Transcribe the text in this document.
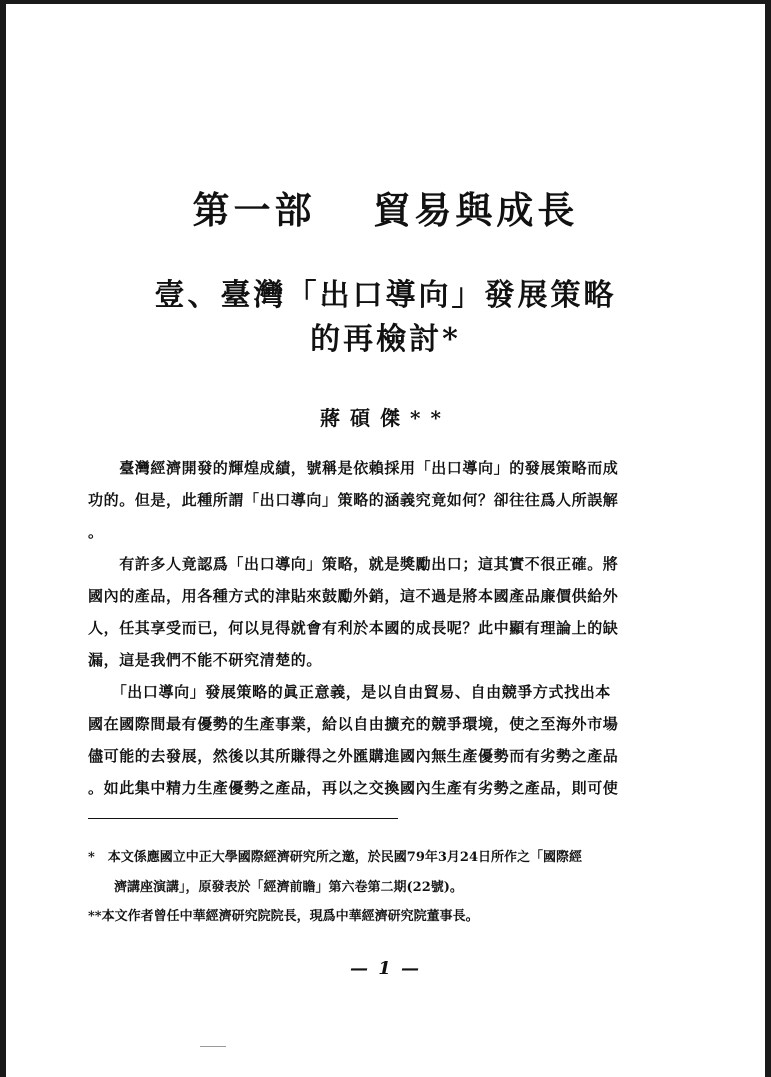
第一部　 貿易與成長
壹、臺灣「出口導向」發展策略
的再檢討*
蔣碩傑**
　　臺灣經濟開發的輝煌成績，號稱是依賴採用「出口導向」的發展策略而成
功的。但是，此種所謂「出口導向」策略的涵義究竟如何？卻往往爲人所誤解
。
　　有許多人竟認爲「出口導向」策略，就是獎勵出口；這其實不很正確。將
國內的產品，用各種方式的津貼來鼓勵外銷，這不過是將本國產品廉價供給外
人，任其享受而已，何以見得就會有利於本國的成長呢？此中顯有理論上的缺
漏，這是我們不能不研究清楚的。
　　「出口導向」發展策略的眞正意義，是以自由貿易、自由競爭方式找出本
國在國際間最有優勢的生產事業，給以自由擴充的競爭環境，使之至海外市場
儘可能的去發展，然後以其所賺得之外匯購進國內無生產優勢而有劣勢之產品
。如此集中精力生產優勢之產品，再以之交換國內生產有劣勢之產品，則可使
*　本文係應國立中正大學國際經濟研究所之邀，於民國79年3月24日所作之「國際經
　　濟講座演講」，原發表於「經濟前瞻」第六卷第二期(22號)。
**本文作者曾任中華經濟研究院院長，現爲中華經濟研究院董事長。
— 1 —
